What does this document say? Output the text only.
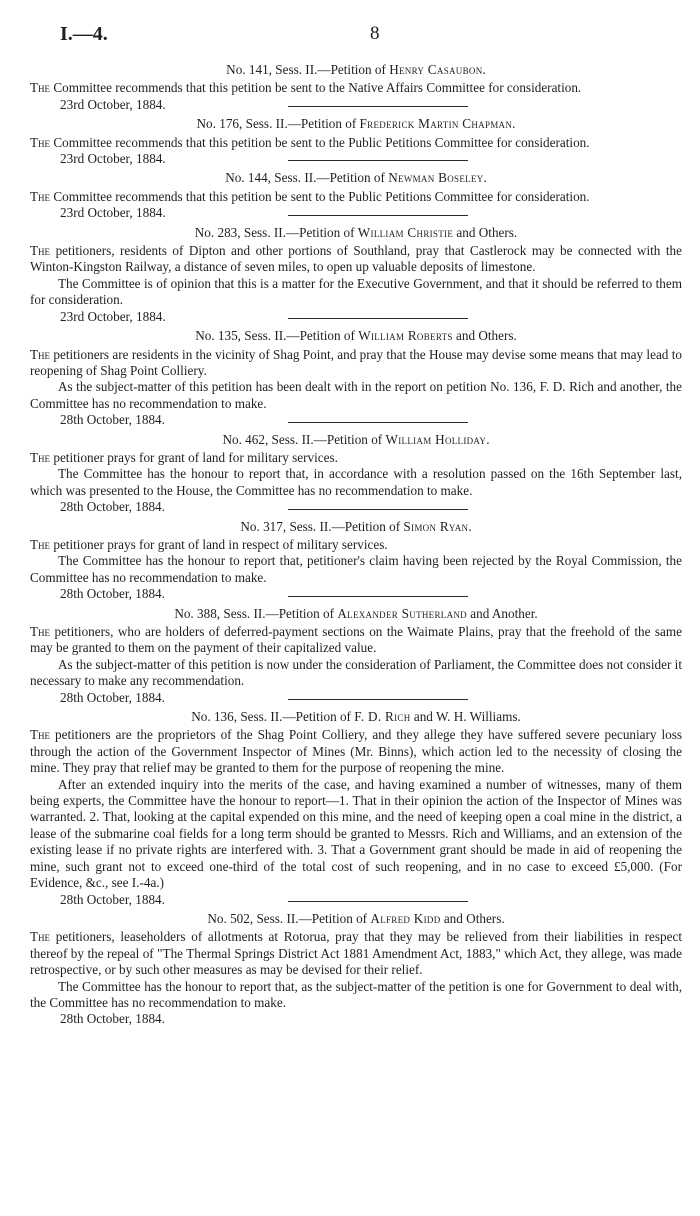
I.—4.	8

No. 141, Sess. II.—Petition of Henry Casaubon.

The Committee recommends that this petition be sent to the Native Affairs Committee for consideration.

23rd October, 1884.

No. 176, Sess. II.—Petition of Frederick Martin Chapman.

The Committee recommends that this petition be sent to the Public Petitions Committee for consideration.

23rd October, 1884.

No. 144, Sess. II.—Petition of Newman Boseley.

The Committee recommends that this petition be sent to the Public Petitions Committee for consideration.

23rd October, 1884.

No. 283, Sess. II.—Petition of William Christie and Others.

The petitioners, residents of Dipton and other portions of Southland, pray that Castlerock may be connected with the Winton-Kingston Railway, a distance of seven miles, to open up valuable deposits of limestone.

The Committee is of opinion that this is a matter for the Executive Government, and that it should be referred to them for consideration.

23rd October, 1884.

No. 135, Sess. II.—Petition of William Roberts and Others.

The petitioners are residents in the vicinity of Shag Point, and pray that the House may devise some means that may lead to reopening of Shag Point Colliery.

As the subject-matter of this petition has been dealt with in the report on petition No. 136, F. D. Rich and another, the Committee has no recommendation to make.

28th October, 1884.

No. 462, Sess. II.—Petition of William Holliday.

The petitioner prays for grant of land for military services.

The Committee has the honour to report that, in accordance with a resolution passed on the 16th September last, which was presented to the House, the Committee has no recommendation to make.

28th October, 1884.

No. 317, Sess. II.—Petition of Simon Ryan.

The petitioner prays for grant of land in respect of military services.

The Committee has the honour to report that, petitioner's claim having been rejected by the Royal Commission, the Committee has no recommendation to make.

28th October, 1884.

No. 388, Sess. II.—Petition of Alexander Sutherland and Another.

The petitioners, who are holders of deferred-payment sections on the Waimate Plains, pray that the freehold of the same may be granted to them on the payment of their capitalized value.

As the subject-matter of this petition is now under the consideration of Parliament, the Committee does not consider it necessary to make any recommendation.

28th October, 1884.

No. 136, Sess. II.—Petition of F. D. Rich and W. H. Williams.

The petitioners are the proprietors of the Shag Point Colliery, and they allege they have suffered severe pecuniary loss through the action of the Government Inspector of Mines (Mr. Binns), which action led to the necessity of closing the mine. They pray that relief may be granted to them for the purpose of reopening the mine.

After an extended inquiry into the merits of the case, and having examined a number of witnesses, many of them being experts, the Committee have the honour to report—1. That in their opinion the action of the Inspector of Mines was warranted. 2. That, looking at the capital expended on this mine, and the need of keeping open a coal mine in the district, a lease of the submarine coal fields for a long term should be granted to Messrs. Rich and Williams, and an extension of the existing lease if no private rights are interfered with. 3. That a Government grant should be made in aid of reopening the mine, such grant not to exceed one-third of the total cost of such reopening, and in no case to exceed £5,000. (For Evidence, &c., see I.-4a.)

28th October, 1884.

No. 502, Sess. II.—Petition of Alfred Kidd and Others.

The petitioners, leaseholders of allotments at Rotorua, pray that they may be relieved from their liabilities in respect thereof by the repeal of "The Thermal Springs District Act 1881 Amendment Act, 1883," which Act, they allege, was made retrospective, or by such other measures as may be devised for their relief.

The Committee has the honour to report that, as the subject-matter of the petition is one for Government to deal with, the Committee has no recommendation to make.

28th October, 1884.
